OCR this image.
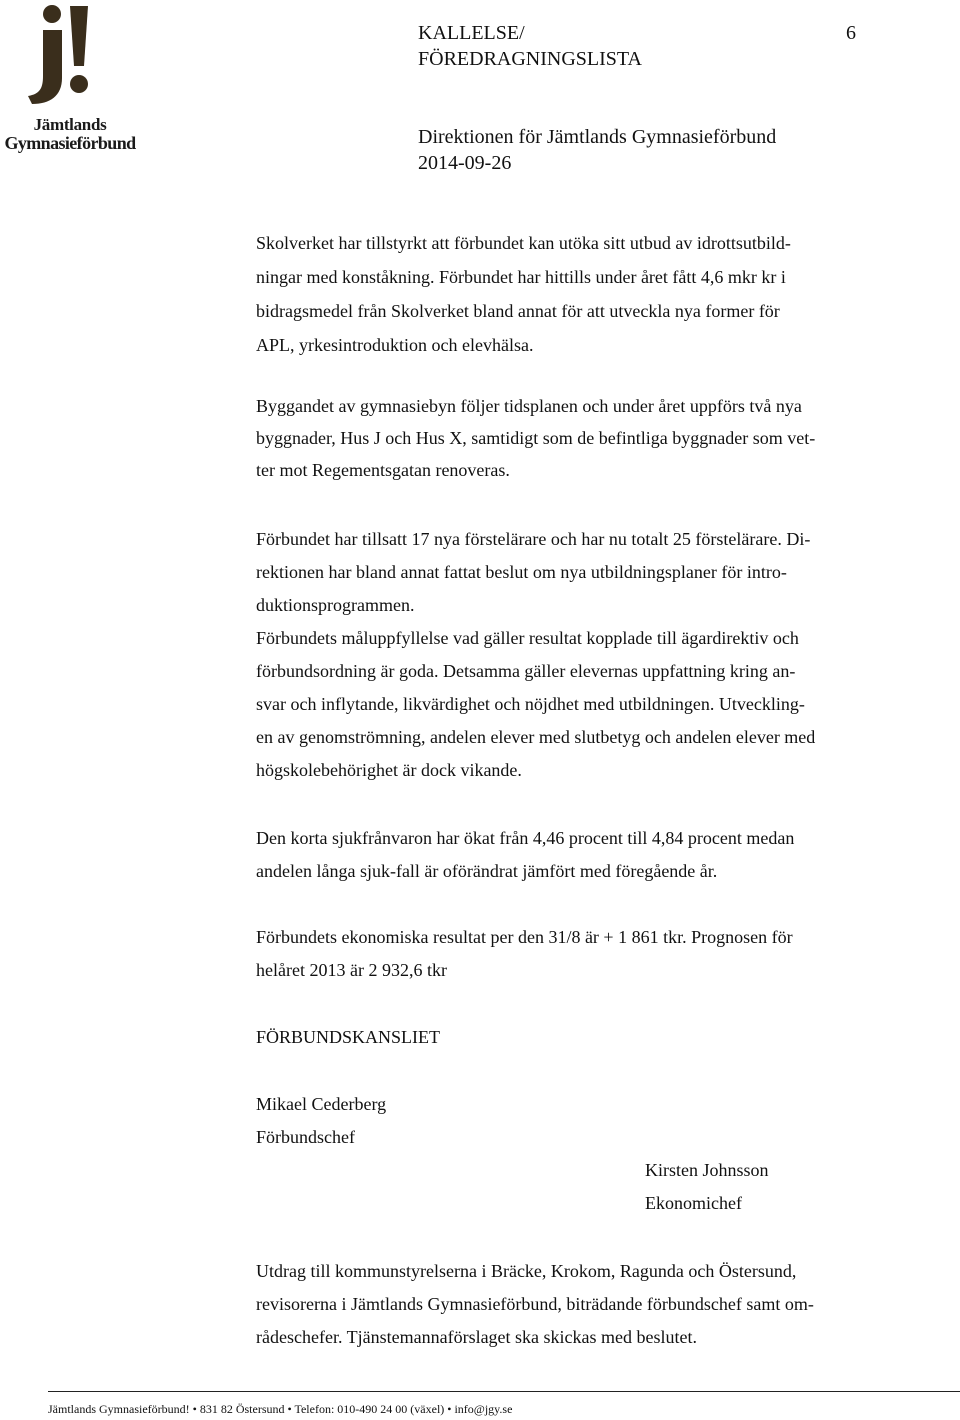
Jämtlands
Gymnasieförbund
KALLELSE/
FÖREDRAGNINGSLISTA
6
Direktionen för Jämtlands Gymnasieförbund
2014-09-26
Skolverket har tillstyrkt att förbundet kan utöka sitt utbud av idrottsutbild-
ningar med konståkning. Förbundet har hittills under året fått 4,6 mkr kr i
bidragsmedel från Skolverket bland annat för att utveckla nya former för
APL, yrkesintroduktion och elevhälsa.
Byggandet av gymnasiebyn följer tidsplanen och under året uppförs två nya
byggnader, Hus J och Hus X, samtidigt som de befintliga byggnader som vet-
ter mot Regementsgatan renoveras.
Förbundet har tillsatt 17 nya förstelärare och har nu totalt 25 förstelärare. Di-
rektionen har bland annat fattat beslut om nya utbildningsplaner för intro-
duktionsprogrammen.
Förbundets måluppfyllelse vad gäller resultat kopplade till ägardirektiv och
förbundsordning är goda. Detsamma gäller elevernas uppfattning kring an-
svar och inflytande, likvärdighet och nöjdhet med utbildningen. Utveckling-
en av genomströmning, andelen elever med slutbetyg och andelen elever med
högskolebehörighet är dock vikande.
Den korta sjukfrånvaron har ökat från 4,46 procent till 4,84 procent medan
andelen långa sjuk-fall är oförändrat jämfört med föregående år.
Förbundets ekonomiska resultat per den 31/8 är + 1 861 tkr. Prognosen för
helåret 2013 är 2 932,6 tkr
FÖRBUNDSKANSLIET
Mikael Cederberg
Förbundschef
Kirsten Johnsson
Ekonomichef
Utdrag till kommunstyrelserna i Bräcke, Krokom, Ragunda och Östersund,
revisorerna i Jämtlands Gymnasieförbund, biträdande förbundschef samt om-
rådeschefer. Tjänstemannaförslaget ska skickas med beslutet.
Jämtlands Gymnasieförbund! • 831 82 Östersund • Telefon: 010-490 24 00 (växel) • info@jgy.se
